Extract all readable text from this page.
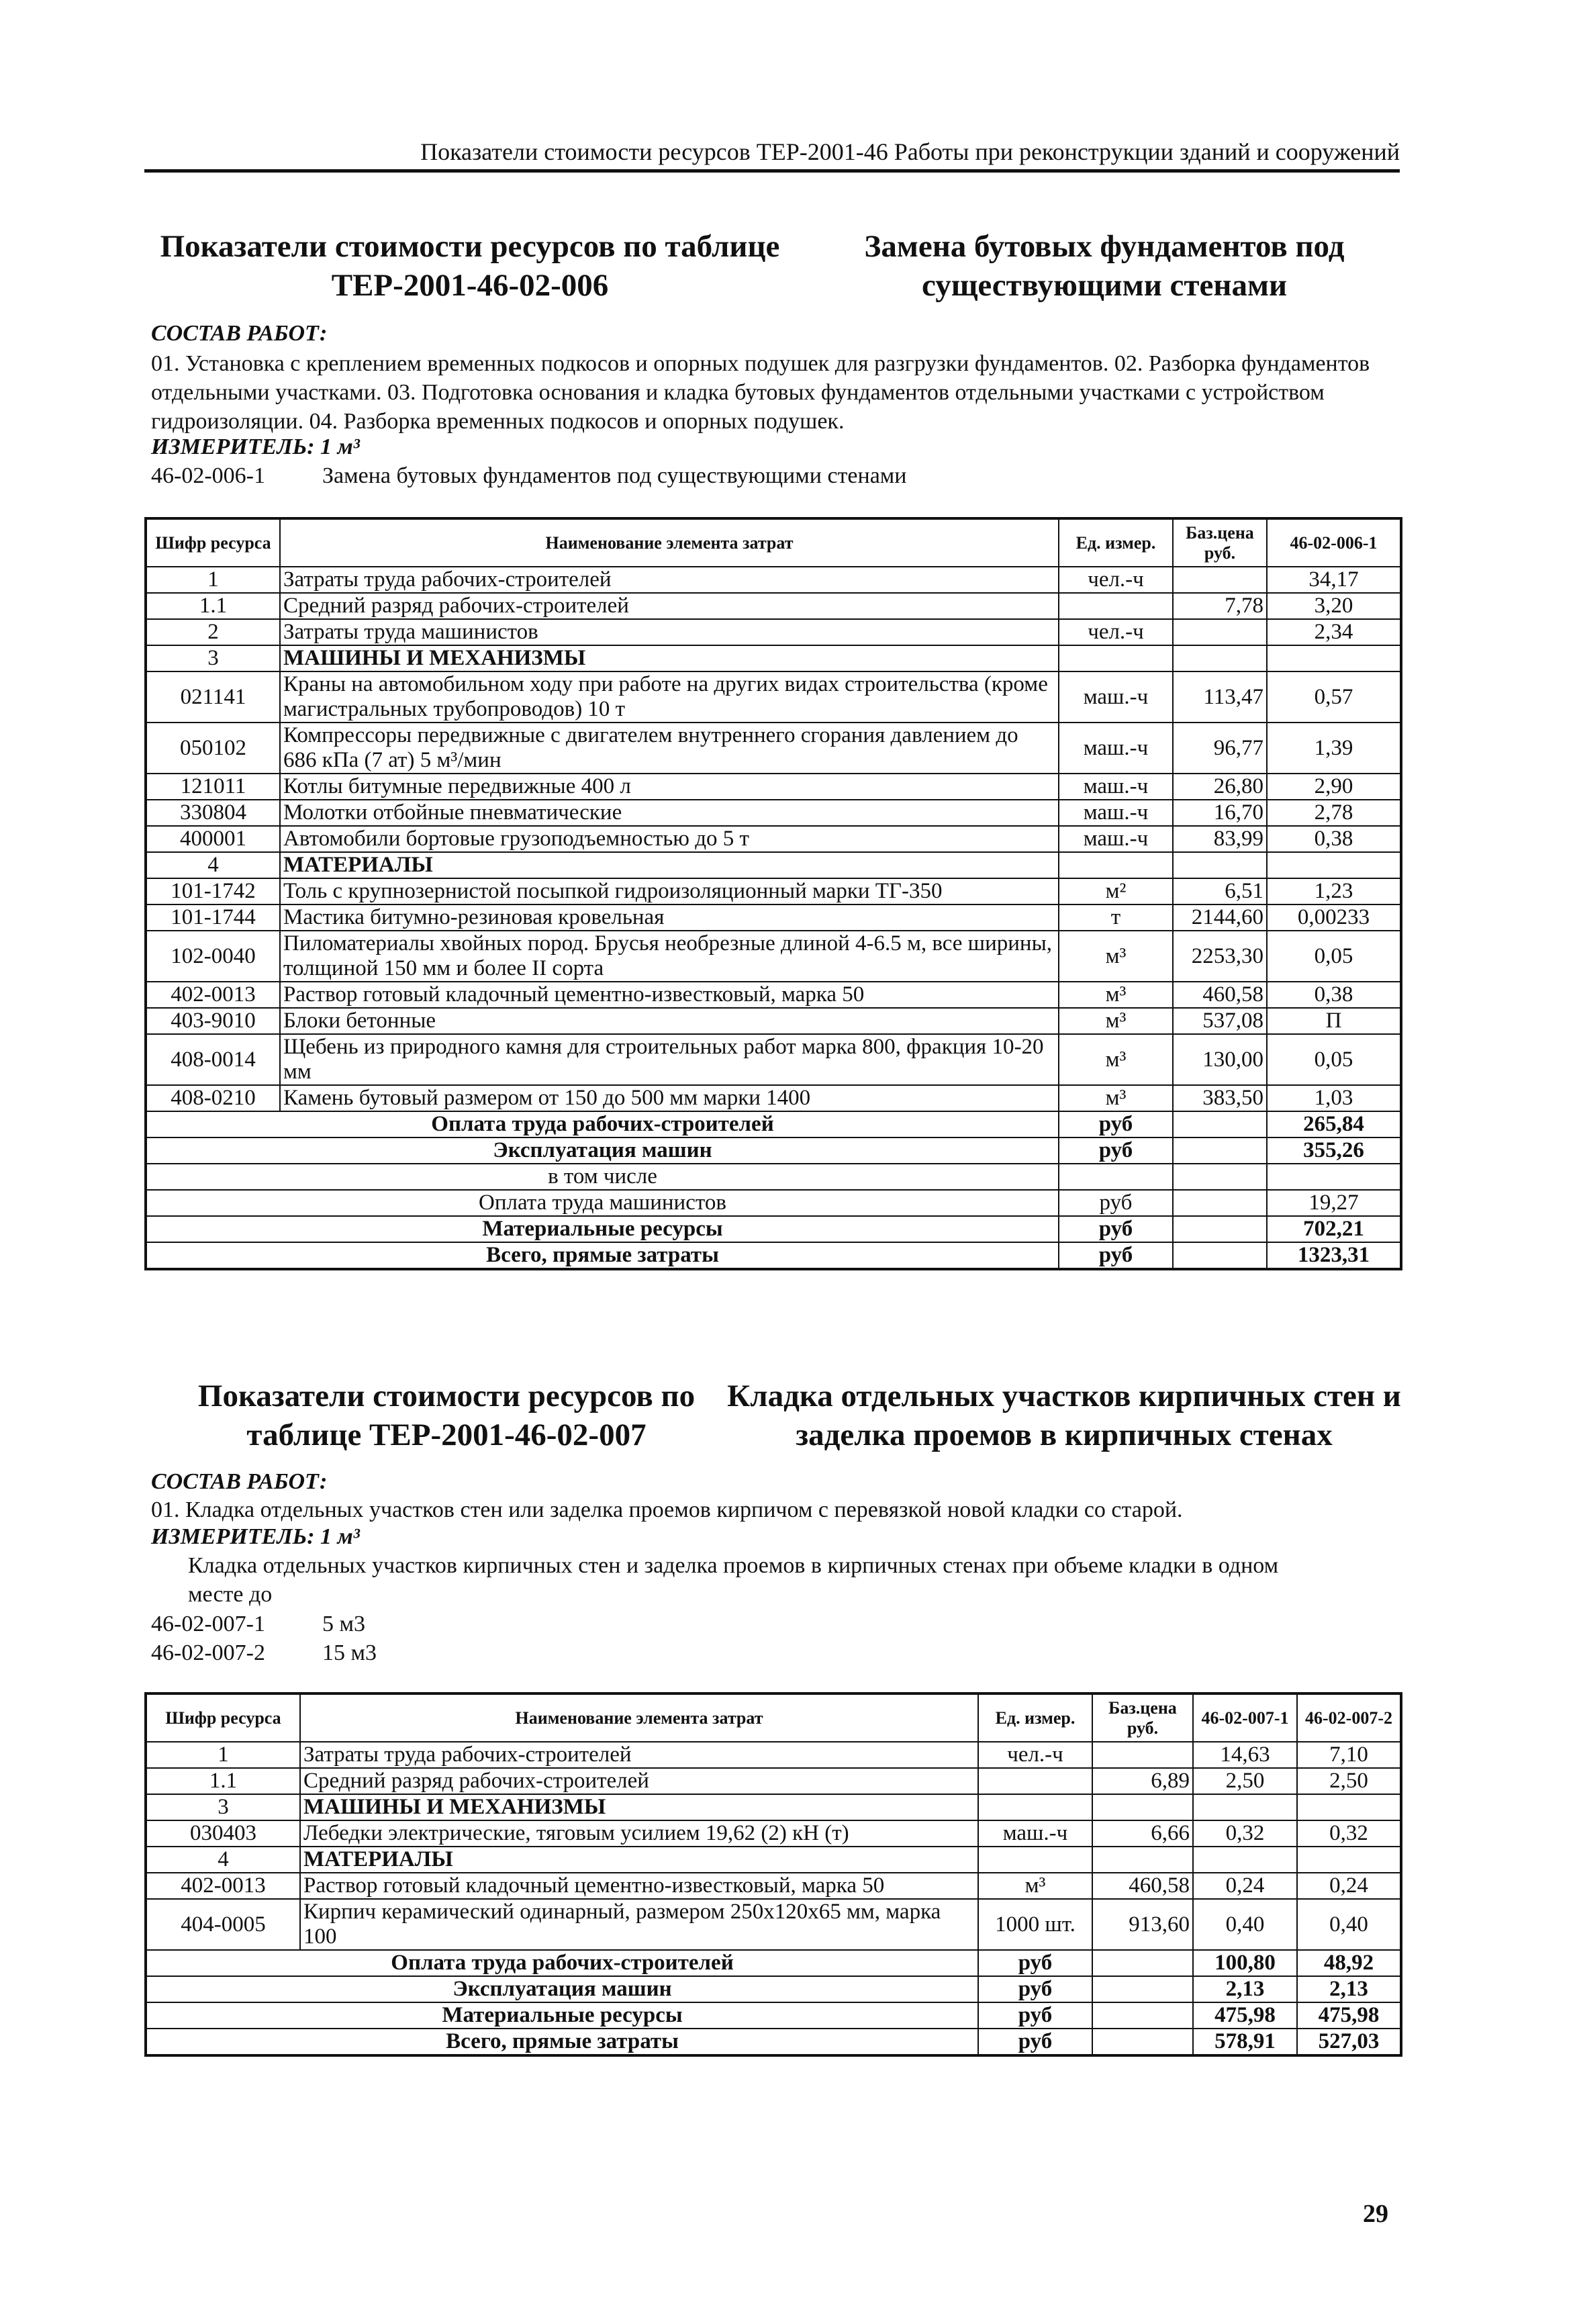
Показатели стоимости ресурсов ТЕР-2001-46 Работы при реконструкции зданий и сооружений
Показатели стоимости ресурсов по таблице
ТЕР-2001-46-02-006
Замена бутовых фундаментов под
существующими стенами
СОСТАВ РАБОТ:
01. Установка с креплением временных подкосов и опорных подушек для разгрузки фундаментов. 02. Разборка фундаментов отдельными участками. 03. Подготовка основания и кладка бутовых фундаментов отдельными участками с устройством гидроизоляции. 04. Разборка временных подкосов и опорных подушек.
ИЗМЕРИТЕЛЬ: 1 м³
46-02-006-1	Замена бутовых фундаментов под существующими стенами
Шифр ресурса	Наименование элемента затрат	Ед. измер.	Баз.цена руб.	46-02-006-1
1	Затраты труда рабочих-строителей	чел.-ч		34,17
1.1	Средний разряд рабочих-строителей		7,78	3,20
2	Затраты труда машинистов	чел.-ч		2,34
3	МАШИНЫ И МЕХАНИЗМЫ			
021141	Краны на автомобильном ходу при работе на других видах строительства (кроме магистральных трубопроводов) 10 т	маш.-ч	113,47	0,57
050102	Компрессоры передвижные с двигателем внутреннего сгорания давлением до 686 кПа (7 ат) 5 м³/мин	маш.-ч	96,77	1,39
121011	Котлы битумные передвижные 400 л	маш.-ч	26,80	2,90
330804	Молотки отбойные пневматические	маш.-ч	16,70	2,78
400001	Автомобили бортовые грузоподъемностью до 5 т	маш.-ч	83,99	0,38
4	МАТЕРИАЛЫ			
101-1742	Толь с крупнозернистой посыпкой гидроизоляционный марки ТГ-350	м²	6,51	1,23
101-1744	Мастика битумно-резиновая кровельная	т	2144,60	0,00233
102-0040	Пиломатериалы хвойных пород. Брусья необрезные длиной 4-6.5 м, все ширины, толщиной 150 мм и более II сорта	м³	2253,30	0,05
402-0013	Раствор готовый кладочный цементно-известковый, марка 50	м³	460,58	0,38
403-9010	Блоки бетонные	м³	537,08	П
408-0014	Щебень из природного камня для строительных работ марка 800, фракция 10-20 мм	м³	130,00	0,05
408-0210	Камень бутовый размером от 150 до 500 мм марки 1400	м³	383,50	1,03
Оплата труда рабочих-строителей		руб		265,84
Эксплуатация машин		руб		355,26
в том числе				
Оплата труда машинистов		руб		19,27
Материальные ресурсы		руб		702,21
Всего, прямые затраты		руб		1323,31
Показатели стоимости ресурсов по
таблице ТЕР-2001-46-02-007
Кладка отдельных участков кирпичных стен и
заделка проемов в кирпичных стенах
СОСТАВ РАБОТ:
01. Кладка отдельных участков стен или заделка проемов кирпичом с перевязкой новой кладки со старой.
ИЗМЕРИТЕЛЬ: 1 м³
Кладка отдельных участков кирпичных стен и заделка проемов в кирпичных стенах при объеме кладки в одном
месте до
46-02-007-1	5 м3
46-02-007-2	15 м3
Шифр ресурса	Наименование элемента затрат	Ед. измер.	Баз.цена руб.	46-02-007-1	46-02-007-2
1	Затраты труда рабочих-строителей	чел.-ч		14,63	7,10
1.1	Средний разряд рабочих-строителей		6,89	2,50	2,50
3	МАШИНЫ И МЕХАНИЗМЫ				
030403	Лебедки электрические, тяговым усилием 19,62 (2) кН (т)	маш.-ч	6,66	0,32	0,32
4	МАТЕРИАЛЫ				
402-0013	Раствор готовый кладочный цементно-известковый, марка 50	м³	460,58	0,24	0,24
404-0005	Кирпич керамический одинарный, размером 250х120х65 мм, марка 100	1000 шт.	913,60	0,40	0,40
Оплата труда рабочих-строителей		руб		100,80	48,92
Эксплуатация машин		руб		2,13	2,13
Материальные ресурсы		руб		475,98	475,98
Всего, прямые затраты		руб		578,91	527,03
29
